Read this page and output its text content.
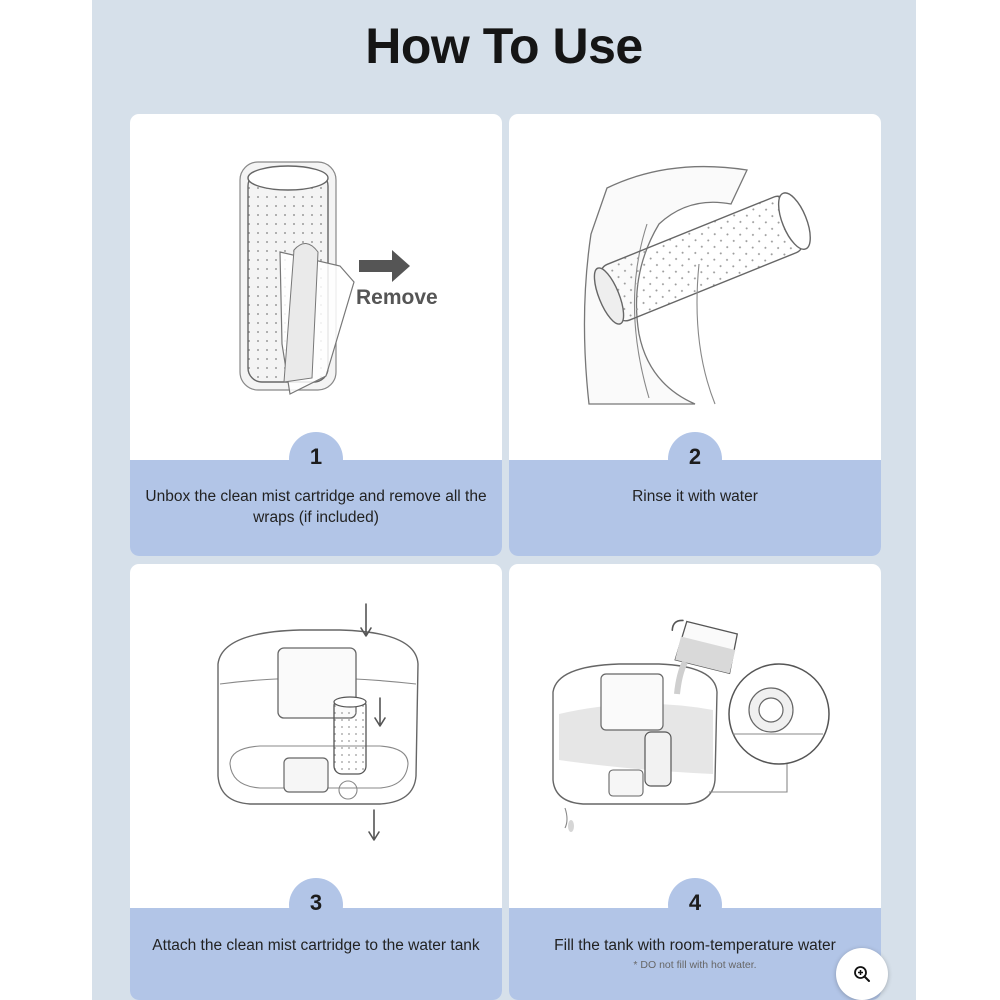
How To Use
Remove
Unbox the clean mist cartridge and remove all the wraps (if included)
1
Rinse it with water
2
Attach the clean mist cartridge to the water tank
3
Fill the tank with room-temperature water
* DO not fill with hot water.
4
